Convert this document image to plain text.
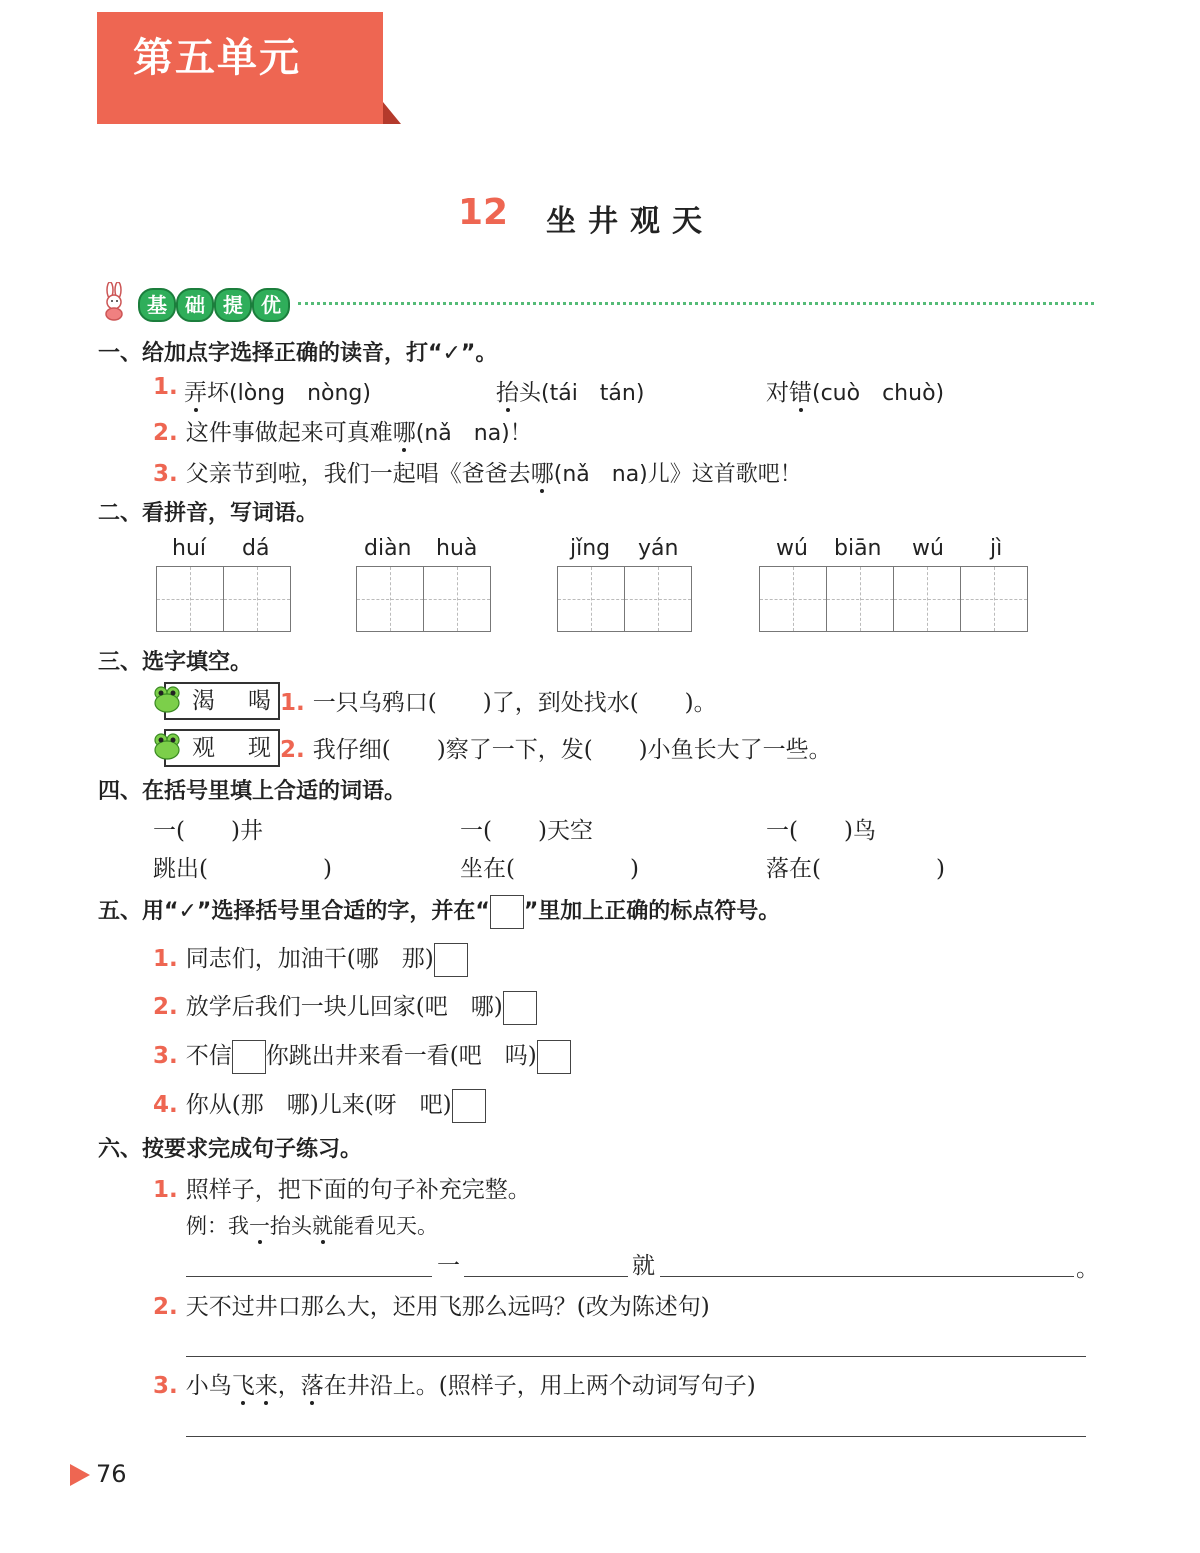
第五单元
12 坐井观天
基 础 提 优
一、给加点字选择正确的读音，打“✓”。
1. 弄坏(lòng　nòng)	抬头(tái　tán)	对错(cuò　chuò)
2. 这件事做起来可真难哪(nǎ　na)！
3. 父亲节到啦，我们一起唱《爸爸去哪(nǎ　na)儿》这首歌吧！
二、看拼音，写词语。
huí dá	diàn huà	jǐng yán	wú biān wú jì
三、选字填空。
渴 喝 1. 一只乌鸦口(　　)了，到处找水(　　)。
观 现 2. 我仔细(　　)察了一下，发(　　)小鱼长大了一些。
四、在括号里填上合适的词语。
一(　　)井	一(　　)天空	一(　　)鸟
跳出(　　　　　)	坐在(　　　　　)	落在(　　　　　)
五、用“✓”选择括号里合适的字，并在“ ”里加上正确的标点符号。
1. 同志们，加油干(哪　那)
2. 放学后我们一块儿回家(吧　哪)
3. 不信 你跳出井来看一看(吧　吗)
4. 你从(那　哪)儿来(呀　吧)
六、按要求完成句子练习。
1. 照样子，把下面的句子补充完整。
例：我一抬头就能看见天。
一	就	。
2. 天不过井口那么大，还用飞那么远吗？(改为陈述句)
3. 小鸟飞来，落在井沿上。(照样子，用上两个动词写句子)
76
